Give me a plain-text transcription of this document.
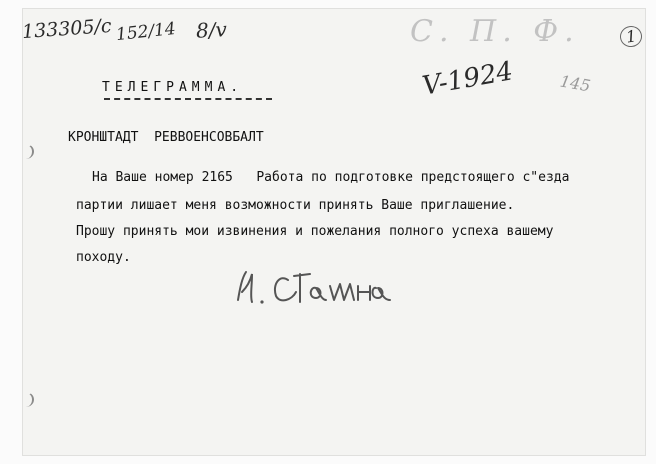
133305/с 152/14 8/v	С. П. Ф.	1
ТЕЛЕГРАММА.	V-1924	145
КРОНШТАДТ  РЕВВОЕНСОВБАЛТ
На Ваше номер 2165   Работа по подготовке предстоящего с"езда
партии лишает меня возможности принять Ваше приглашение.
Прошу принять мои извинения и пожелания полного успеха вашему
походу.
